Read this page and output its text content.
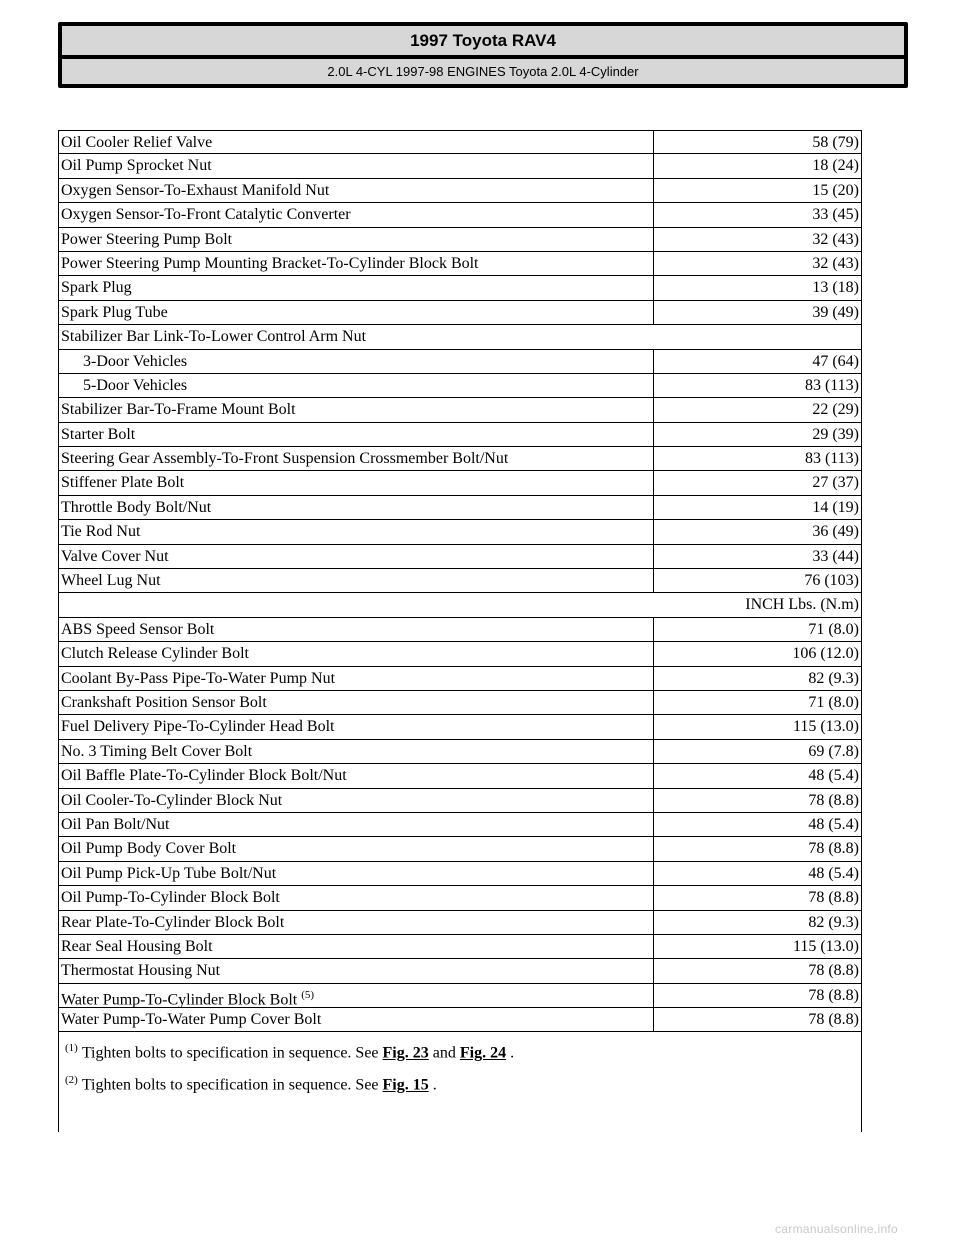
1997 Toyota RAV4
2.0L 4-CYL 1997-98 ENGINES Toyota 2.0L 4-Cylinder
Oil Cooler Relief Valve	58 (79)
Oil Pump Sprocket Nut	18 (24)
Oxygen Sensor-To-Exhaust Manifold Nut	15 (20)
Oxygen Sensor-To-Front Catalytic Converter	33 (45)
Power Steering Pump Bolt	32 (43)
Power Steering Pump Mounting Bracket-To-Cylinder Block Bolt	32 (43)
Spark Plug	13 (18)
Spark Plug Tube	39 (49)
Stabilizer Bar Link-To-Lower Control Arm Nut
3-Door Vehicles	47 (64)
5-Door Vehicles	83 (113)
Stabilizer Bar-To-Frame Mount Bolt	22 (29)
Starter Bolt	29 (39)
Steering Gear Assembly-To-Front Suspension Crossmember Bolt/Nut	83 (113)
Stiffener Plate Bolt	27 (37)
Throttle Body Bolt/Nut	14 (19)
Tie Rod Nut	36 (49)
Valve Cover Nut	33 (44)
Wheel Lug Nut	76 (103)
INCH Lbs. (N.m)
ABS Speed Sensor Bolt	71 (8.0)
Clutch Release Cylinder Bolt	106 (12.0)
Coolant By-Pass Pipe-To-Water Pump Nut	82 (9.3)
Crankshaft Position Sensor Bolt	71 (8.0)
Fuel Delivery Pipe-To-Cylinder Head Bolt	115 (13.0)
No. 3 Timing Belt Cover Bolt	69 (7.8)
Oil Baffle Plate-To-Cylinder Block Bolt/Nut	48 (5.4)
Oil Cooler-To-Cylinder Block Nut	78 (8.8)
Oil Pan Bolt/Nut	48 (5.4)
Oil Pump Body Cover Bolt	78 (8.8)
Oil Pump Pick-Up Tube Bolt/Nut	48 (5.4)
Oil Pump-To-Cylinder Block Bolt	78 (8.8)
Rear Plate-To-Cylinder Block Bolt	82 (9.3)
Rear Seal Housing Bolt	115 (13.0)
Thermostat Housing Nut	78 (8.8)
Water Pump-To-Cylinder Block Bolt $^{(5)}$	78 (8.8)
Water Pump-To-Water Pump Cover Bolt	78 (8.8)
$^{(1)}$ Tighten bolts to specification in sequence. See Fig. 23 and Fig. 24 .
$^{(2)}$ Tighten bolts to specification in sequence. See Fig. 15 .
carmanualsonline.info
